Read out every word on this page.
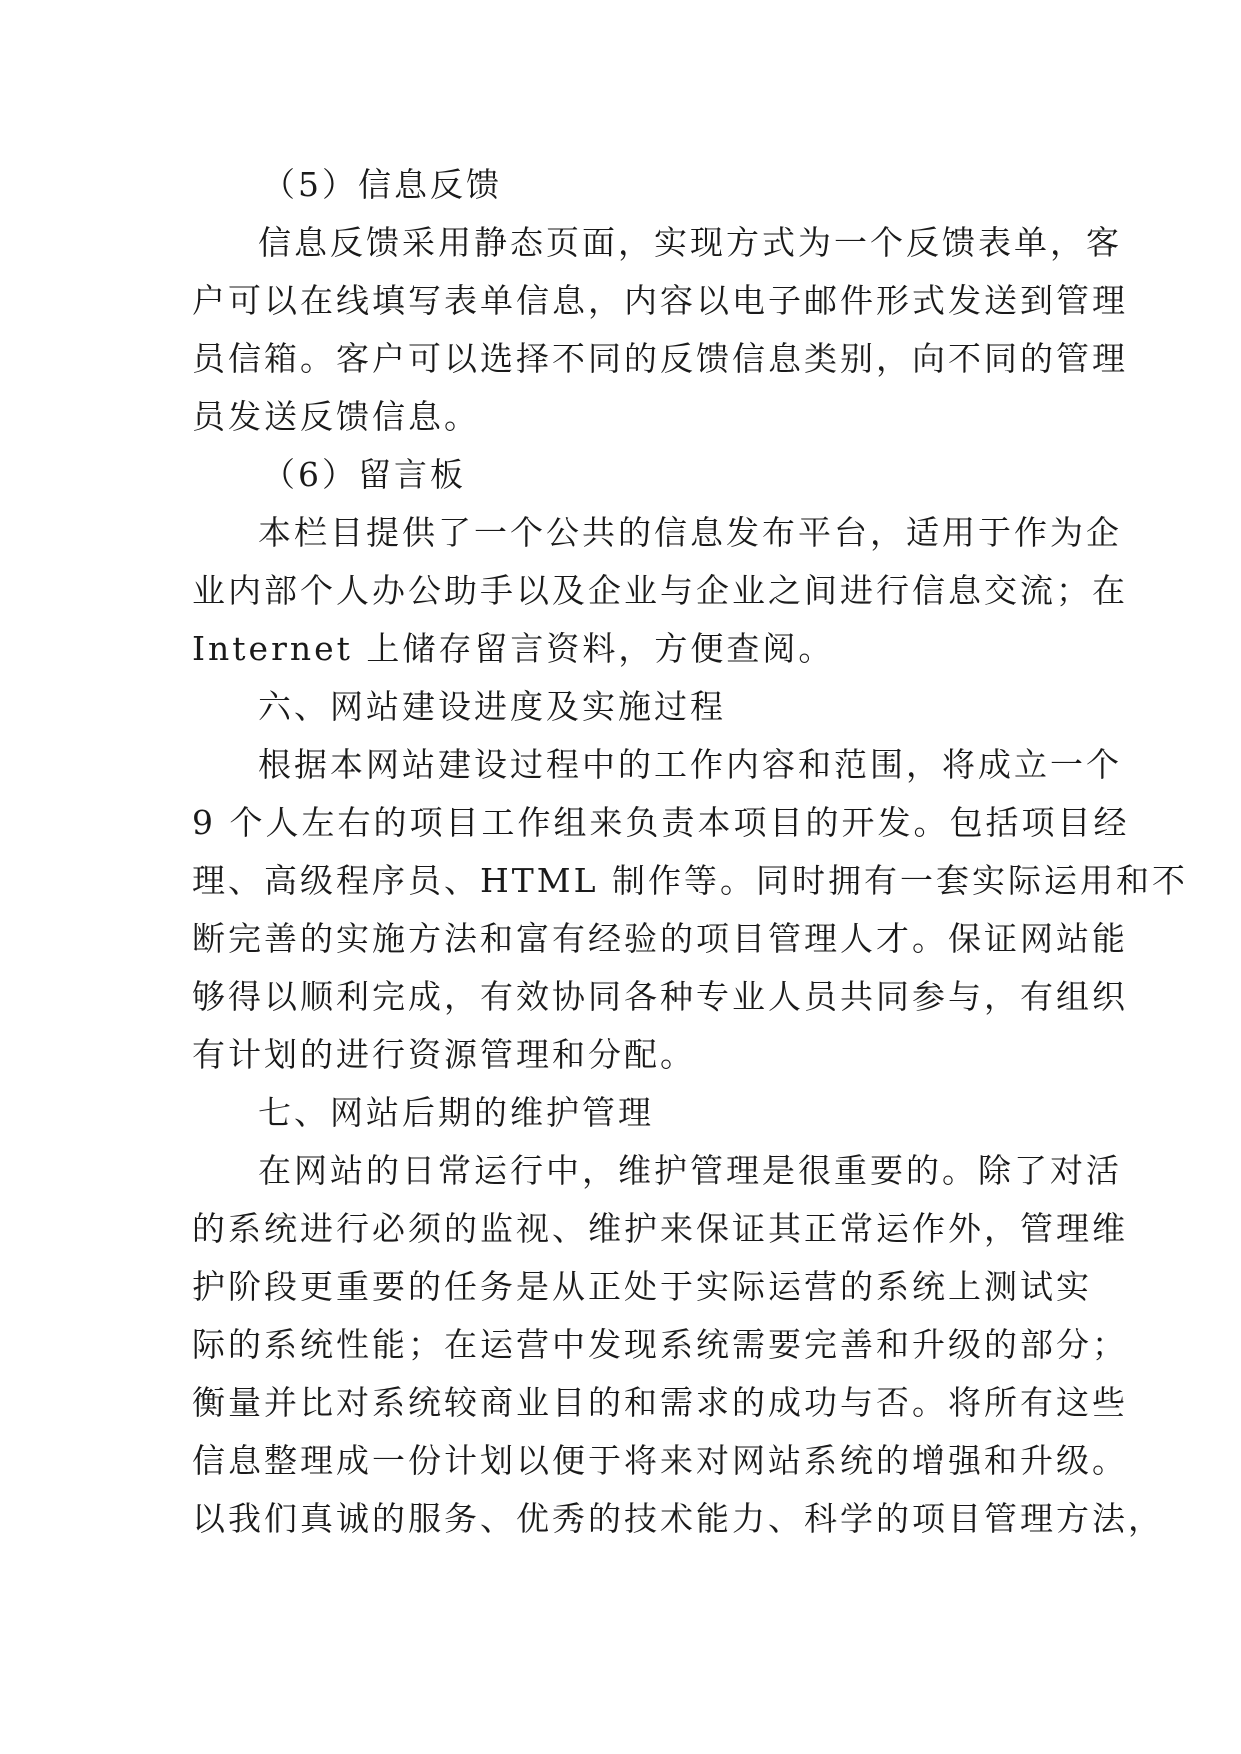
（5）信息反馈
信息反馈采用静态页面，实现方式为一个反馈表单，客
户可以在线填写表单信息，内容以电子邮件形式发送到管理
员信箱。客户可以选择不同的反馈信息类别，向不同的管理
员发送反馈信息。
（6）留言板
本栏目提供了一个公共的信息发布平台，适用于作为企
业内部个人办公助手以及企业与企业之间进行信息交流；在
Internet 上储存留言资料，方便查阅。
六、网站建设进度及实施过程
根据本网站建设过程中的工作内容和范围，将成立一个
9 个人左右的项目工作组来负责本项目的开发。包括项目经
理、高级程序员、HTML 制作等。同时拥有一套实际运用和不
断完善的实施方法和富有经验的项目管理人才。保证网站能
够得以顺利完成，有效协同各种专业人员共同参与，有组织
有计划的进行资源管理和分配。
七、网站后期的维护管理
在网站的日常运行中，维护管理是很重要的。除了对活
的系统进行必须的监视、维护来保证其正常运作外，管理维
护阶段更重要的任务是从正处于实际运营的系统上测试实
际的系统性能；在运营中发现系统需要完善和升级的部分；
衡量并比对系统较商业目的和需求的成功与否。将所有这些
信息整理成一份计划以便于将来对网站系统的增强和升级。
以我们真诚的服务、优秀的技术能力、科学的项目管理方法，
